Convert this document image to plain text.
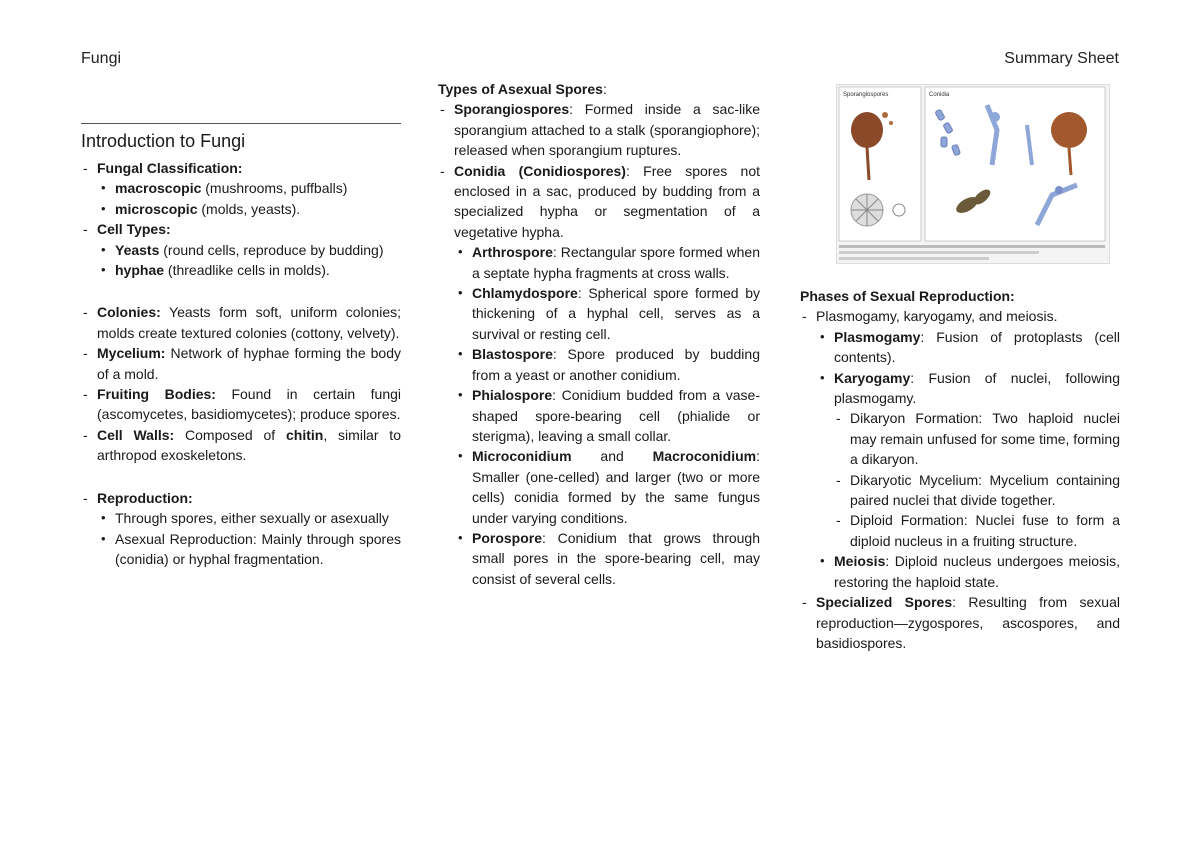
Fungi	Summary Sheet
Introduction to Fungi
- Fungal Classification:
• macroscopic (mushrooms, puffballs)
• microscopic (molds, yeasts).
- Cell Types:
• Yeasts (round cells, reproduce by budding)
• hyphae (threadlike cells in molds).
- Colonies: Yeasts form soft, uniform colonies; molds create textured colonies (cottony, velvety).
- Mycelium: Network of hyphae forming the body of a mold.
- Fruiting Bodies: Found in certain fungi (ascomycetes, basidiomycetes); produce spores.
- Cell Walls: Composed of chitin, similar to arthropod exoskeletons.
- Reproduction:
• Through spores, either sexually or asexually
• Asexual Reproduction: Mainly through spores (conidia) or hyphal fragmentation.
Types of Asexual Spores:
- Sporangiospores: Formed inside a sac-like sporangium attached to a stalk (sporangiophore); released when sporangium ruptures.
- Conidia (Conidiospores): Free spores not enclosed in a sac, produced by budding from a specialized hypha or segmentation of a vegetative hypha.
• Arthrospore: Rectangular spore formed when a septate hypha fragments at cross walls.
• Chlamydospore: Spherical spore formed by thickening of a hyphal cell, serves as a survival or resting cell.
• Blastospore: Spore produced by budding from a yeast or another conidium.
• Phialospore: Conidium budded from a vase-shaped spore-bearing cell (phialide or sterigma), leaving a small collar.
• Microconidium and Macroconidium: Smaller (one-celled) and larger (two or more cells) conidia formed by the same fungus under varying conditions.
• Porospore: Conidium that grows through small pores in the spore-bearing cell, may consist of several cells.
Sporangiospores	Conidia
Phases of Sexual Reproduction:
- Plasmogamy, karyogamy, and meiosis.
• Plasmogamy: Fusion of protoplasts (cell contents).
• Karyogamy: Fusion of nuclei, following plasmogamy.
- Dikaryon Formation: Two haploid nuclei may remain unfused for some time, forming a dikaryon.
- Dikaryotic Mycelium: Mycelium containing paired nuclei that divide together.
- Diploid Formation: Nuclei fuse to form a diploid nucleus in a fruiting structure.
• Meiosis: Diploid nucleus undergoes meiosis, restoring the haploid state.
- Specialized Spores: Resulting from sexual reproduction—zygospores, ascospores, and basidiospores.
